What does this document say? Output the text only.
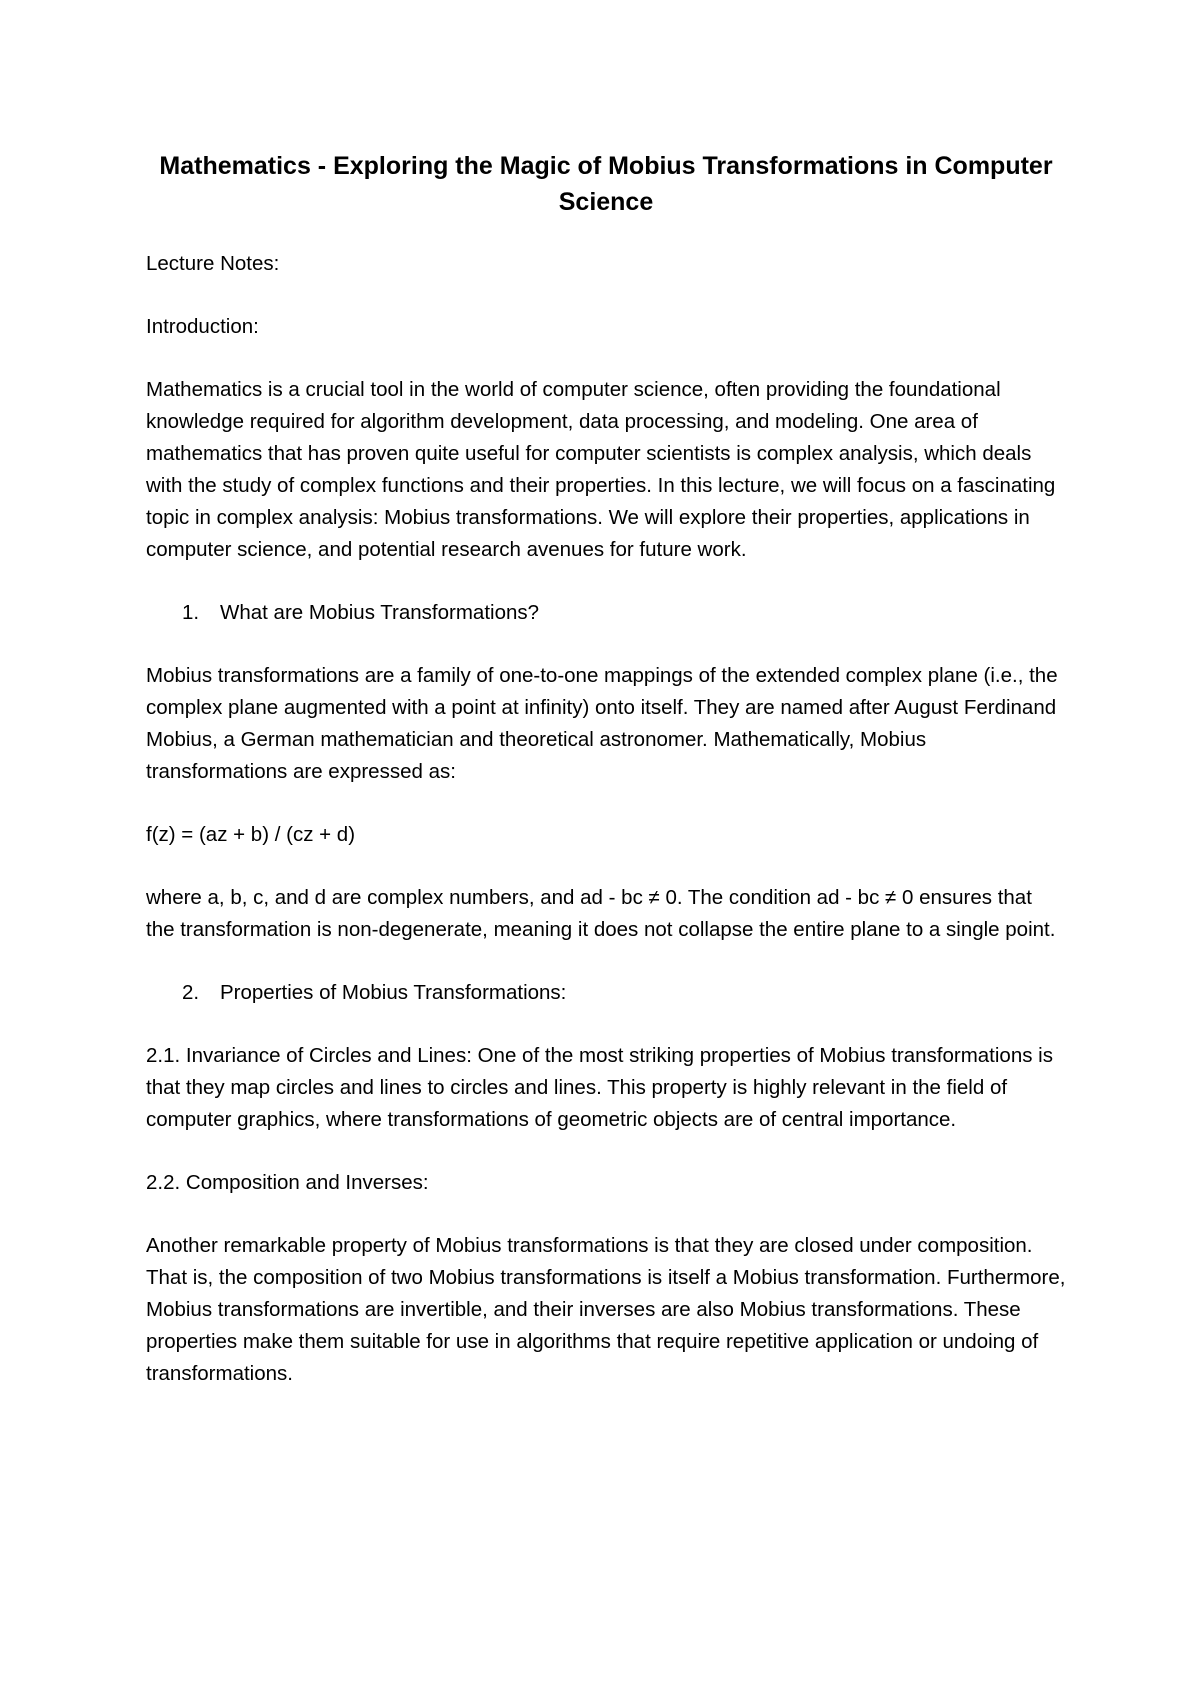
Mathematics - Exploring the Magic of Mobius Transformations in Computer Science

Lecture Notes:

Introduction:

Mathematics is a crucial tool in the world of computer science, often providing the foundational knowledge required for algorithm development, data processing, and modeling. One area of mathematics that has proven quite useful for computer scientists is complex analysis, which deals with the study of complex functions and their properties. In this lecture, we will focus on a fascinating topic in complex analysis: Mobius transformations. We will explore their properties, applications in computer science, and potential research avenues for future work.

1. What are Mobius Transformations?

Mobius transformations are a family of one-to-one mappings of the extended complex plane (i.e., the complex plane augmented with a point at infinity) onto itself. They are named after August Ferdinand Mobius, a German mathematician and theoretical astronomer. Mathematically, Mobius transformations are expressed as:

f(z) = (az + b) / (cz + d)

where a, b, c, and d are complex numbers, and ad - bc ≠ 0. The condition ad - bc ≠ 0 ensures that the transformation is non-degenerate, meaning it does not collapse the entire plane to a single point.

2. Properties of Mobius Transformations:

2.1. Invariance of Circles and Lines: One of the most striking properties of Mobius transformations is that they map circles and lines to circles and lines. This property is highly relevant in the field of computer graphics, where transformations of geometric objects are of central importance.

2.2. Composition and Inverses:

Another remarkable property of Mobius transformations is that they are closed under composition. That is, the composition of two Mobius transformations is itself a Mobius transformation. Furthermore, Mobius transformations are invertible, and their inverses are also Mobius transformations. These properties make them suitable for use in algorithms that require repetitive application or undoing of transformations.
